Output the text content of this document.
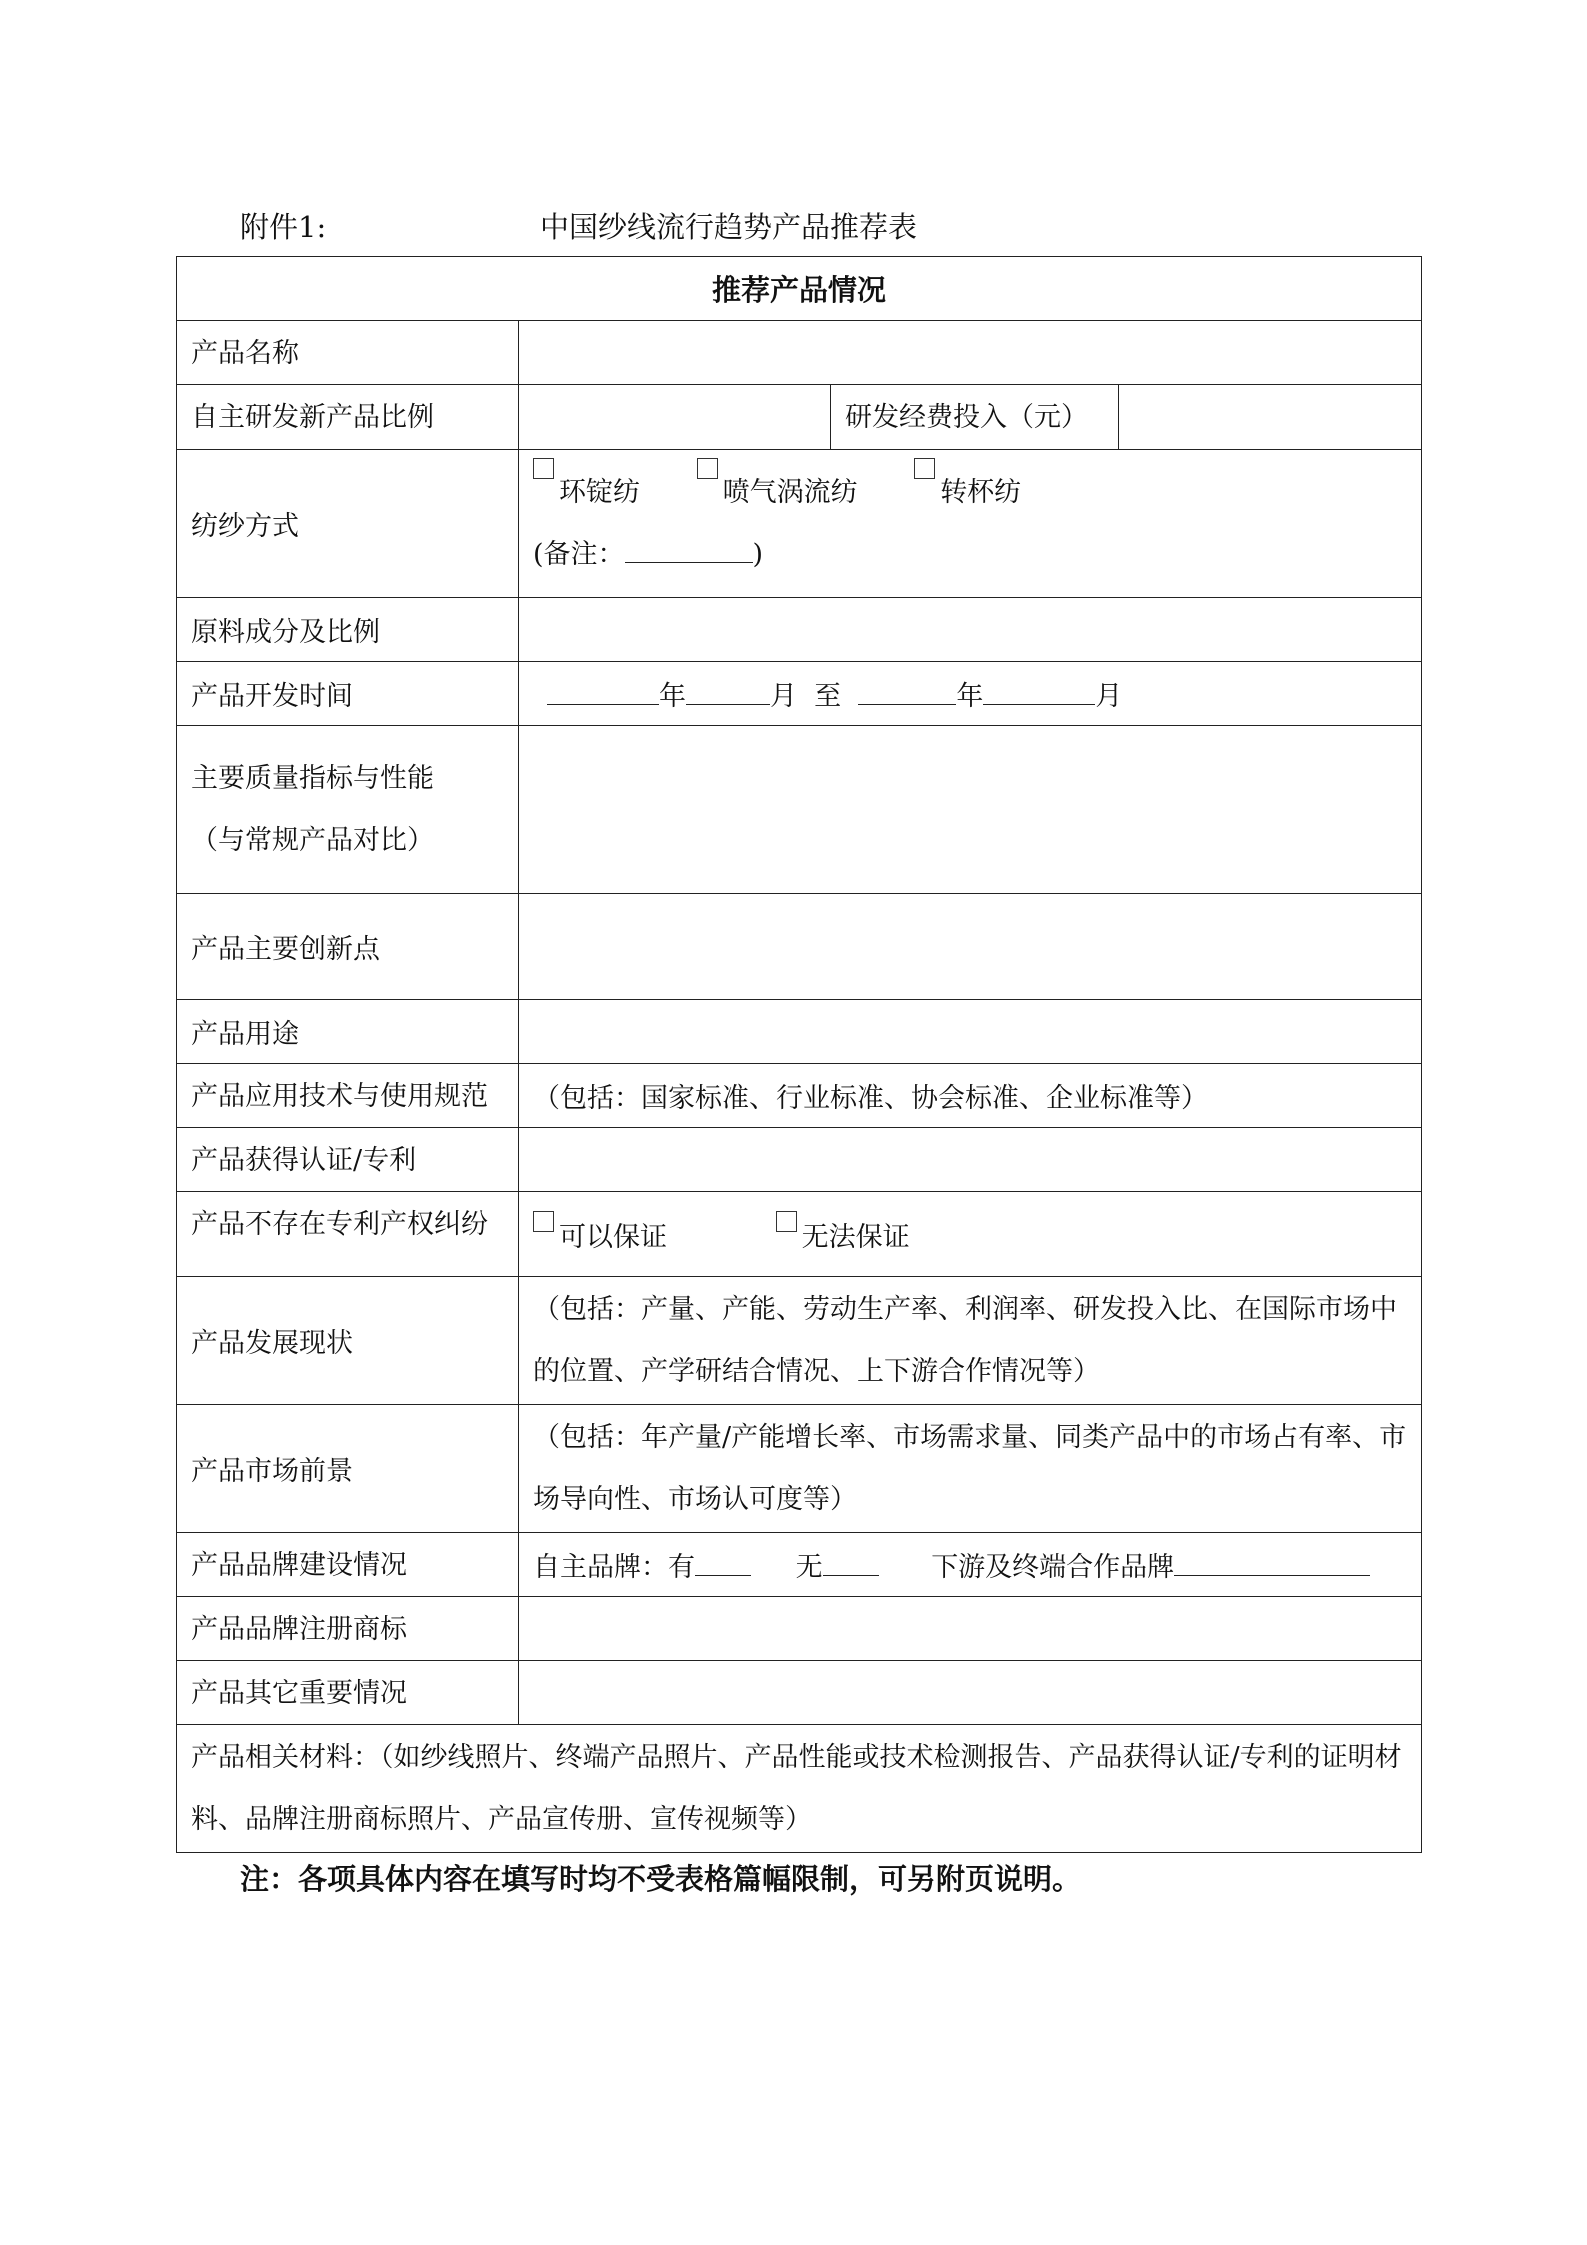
附件1:	中国纱线流行趋势产品推荐表
推荐产品情况			
产品名称			
自主研发新产品比例		研发经费投入（元）	
纺纱方式	环锭纺 喷气涡流纺 转杯纺
(备注： )		

原料成分及比例			
产品开发时间	年 月 至 年 月		

主要质量指标与性能
（与常规产品对比）			

产品主要创新点			
产品用途			
产品应用技术与使用规范	（包括：国家标准、行业标准、协会标准、企业标准等）		
产品获得认证/专利			
产品不存在专利产权纠纷	可以保证 无法保证		
产品发展现状	（包括：产量、产能、劳动生产率、利润率、研发投入比、在国际市场中的位置、产学研结合情况、上下游合作情况等）		
产品市场前景	（包括：年产量/产能增长率、市场需求量、同类产品中的市场占有率、市场导向性、市场认可度等）		
产品品牌建设情况	自主品牌：有 无 下游及终端合作品牌		
产品品牌注册商标			
产品其它重要情况			
产品相关材料：（如纱线照片、终端产品照片、产品性能或技术检测报告、产品获得认证/专利的证明材料、品牌注册商标照片、产品宣传册、宣传视频等）			
注：各项具体内容在填写时均不受表格篇幅限制，可另附页说明。
